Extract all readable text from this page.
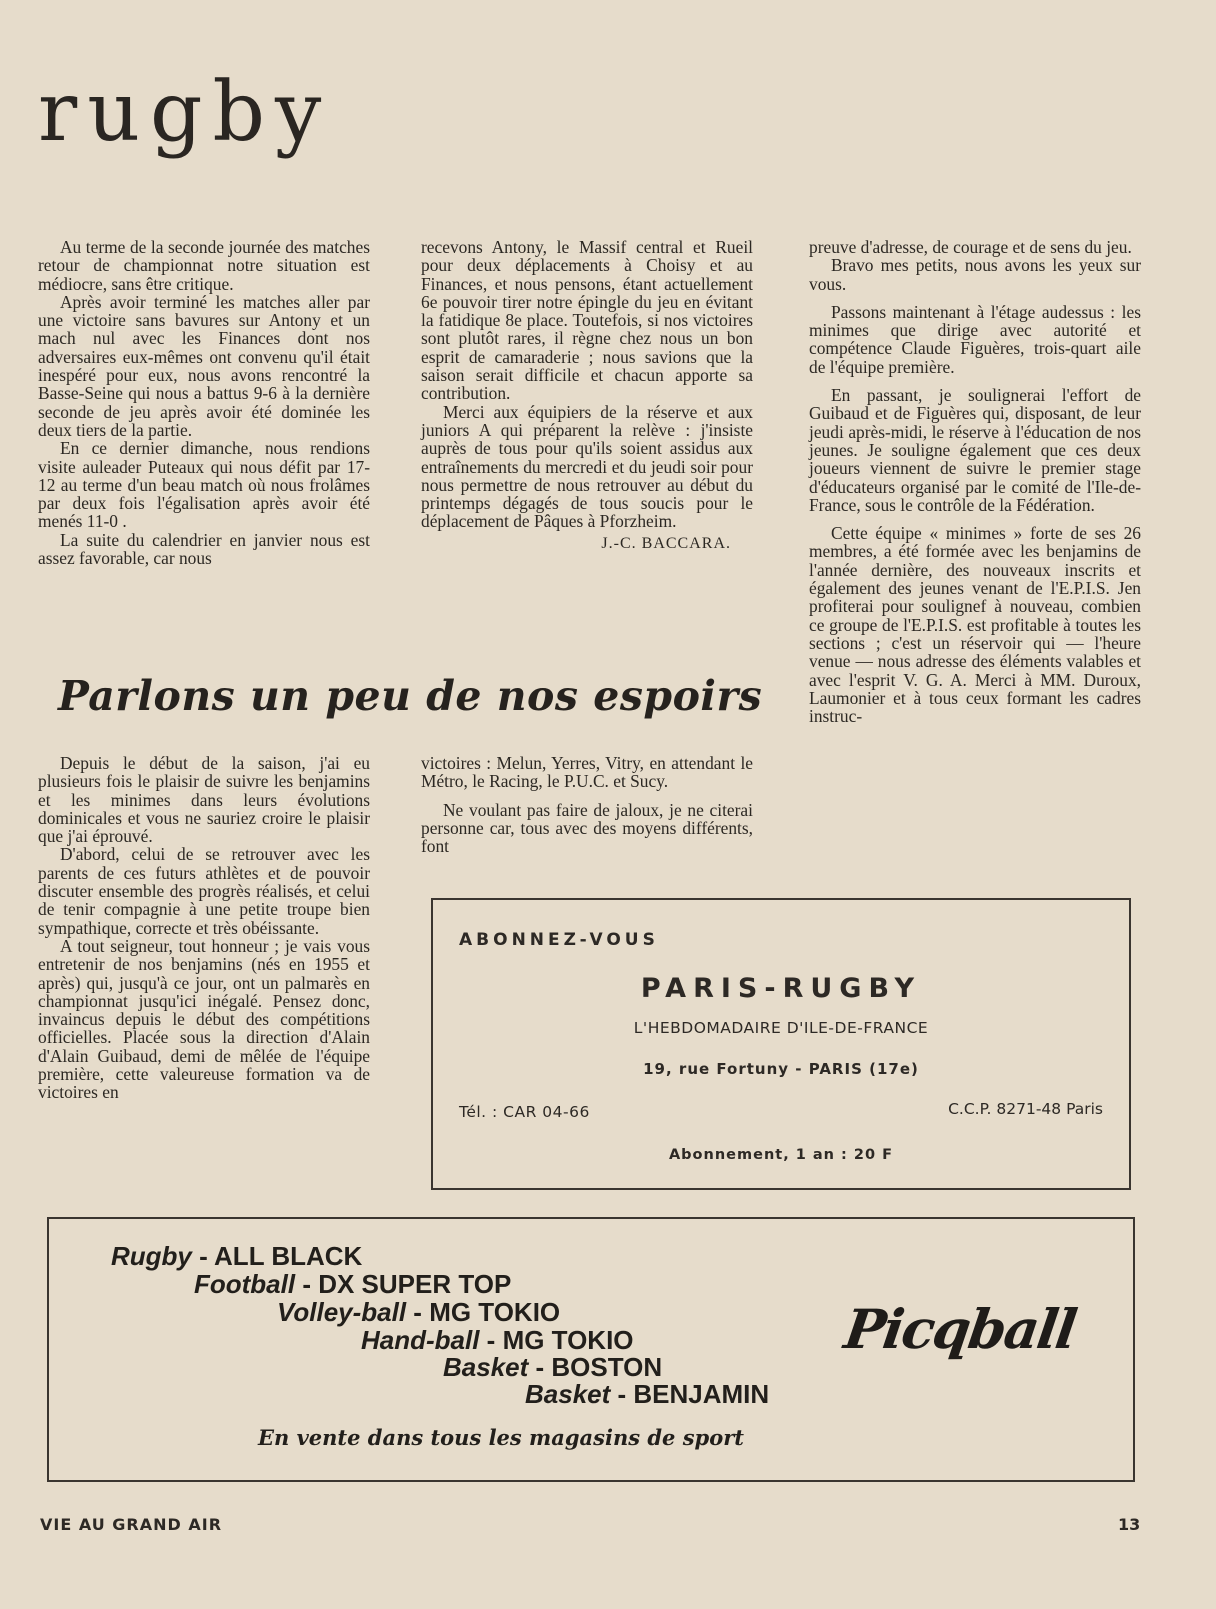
rugby

Au terme de la seconde journée des matches retour de championnat notre situation est médiocre, sans être critique.

Après avoir terminé les matches aller par une victoire sans bavures sur Antony et un mach nul avec les Finances dont nos adversaires eux-mêmes ont convenu qu'il était inespéré pour eux, nous avons rencontré la Basse-Seine qui nous a battus 9-6 à la dernière seconde de jeu après avoir été dominée les deux tiers de la partie.

En ce dernier dimanche, nous rendions visite auleader Puteaux qui nous défit par 17-12 au terme d'un beau match où nous frolâmes par deux fois l'égalisation après avoir été menés 11-0 .

La suite du calendrier en janvier nous est assez favorable, car nous

recevons Antony, le Massif central et Rueil pour deux déplacements à Choisy et au Finances, et nous pensons, étant actuellement 6e pouvoir tirer notre épingle du jeu en évitant la fatidique 8e place. Toutefois, si nos victoires sont plutôt rares, il règne chez nous un bon esprit de camaraderie ; nous savions que la saison serait difficile et chacun apporte sa contribution.

Merci aux équipiers de la réserve et aux juniors A qui préparent la relève : j'insiste auprès de tous pour qu'ils soient assidus aux entraînements du mercredi et du jeudi soir pour nous permettre de nous retrouver au début du printemps dégagés de tous soucis pour le déplacement de Pâques à Pforzheim.

J.-C. BACCARA.

preuve d'adresse, de courage et de sens du jeu.

Bravo mes petits, nous avons les yeux sur vous.

Passons maintenant à l'étage audessus : les minimes que dirige avec autorité et compétence Claude Figuères, trois-quart aile de l'équipe première.

En passant, je soulignerai l'effort de Guibaud et de Figuères qui, disposant, de leur jeudi après-midi, le réserve à l'éducation de nos jeunes. Je souligne également que ces deux joueurs viennent de suivre le premier stage d'éducateurs organisé par le comité de l'Ile-de-France, sous le contrôle de la Fédération.

Cette équipe « minimes » forte de ses 26 membres, a été formée avec les benjamins de l'année dernière, des nouveaux inscrits et également des jeunes venant de l'E.P.I.S. Jen profiterai pour soulignef à nouveau, combien ce groupe de l'E.P.I.S. est profitable à toutes les sections ; c'est un réservoir qui — l'heure venue — nous adresse des éléments valables et avec l'esprit V. G. A. Merci à MM. Duroux, Laumonier et à tous ceux formant les cadres instruc-

Parlons un peu de nos espoirs

Depuis le début de la saison, j'ai eu plusieurs fois le plaisir de suivre les benjamins et les minimes dans leurs évolutions dominicales et vous ne sauriez croire le plaisir que j'ai éprouvé.

D'abord, celui de se retrouver avec les parents de ces futurs athlètes et de pouvoir discuter ensemble des progrès réalisés, et celui de tenir compagnie à une petite troupe bien sympathique, correcte et très obéissante.

A tout seigneur, tout honneur ; je vais vous entretenir de nos benjamins (nés en 1955 et après) qui, jusqu'à ce jour, ont un palmarès en championnat jusqu'ici inégalé. Pensez donc, invaincus depuis le début des compétitions officielles. Placée sous la direction d'Alain d'Alain Guibaud, demi de mêlée de l'équipe première, cette valeureuse formation va de victoires en

victoires : Melun, Yerres, Vitry, en attendant le Métro, le Racing, le P.U.C. et Sucy.

Ne voulant pas faire de jaloux, je ne citerai personne car, tous avec des moyens différents, font

ABONNEZ-VOUS
PARIS-RUGBY
L'HEBDOMADAIRE D'ILE-DE-FRANCE
19, rue Fortuny - PARIS (17e)
Tél. : CAR 04-66	C.C.P. 8271-48 Paris
Abonnement, 1 an : 20 F
Rugby - ALL BLACK
Football - DX SUPER TOP
Volley-ball - MG TOKIO
Hand-ball - MG TOKIO
Basket - BOSTON
Basket - BENJAMIN
En vente dans tous les magasins de sport
Picqball
VIE AU GRAND AIR	13
